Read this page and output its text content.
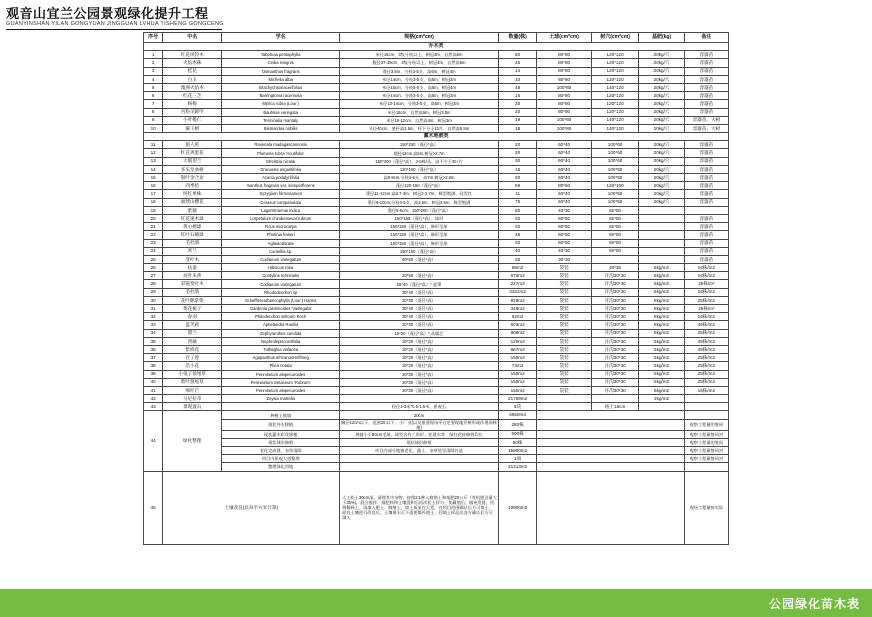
观音山宜兰公园景观绿化提升工程
GUANYINSHAN YILAN GONGYUAN JINGGUAN LVHUA TISHENG GONGCENG
序号	中名	学名	规格(cm*cm)	数量(株)	土球(cm*cm)	树穴(cm*cm)	基肥(kg)	备注
乔木类								
1	红花风铃木	Tabebuia pentaphylla	米径15cm、3级分枝以上、树冠3m、自然高6m	80	80*80	120*120	20kg/穴	容器苗
2	火焰木株	Ceiba insignis	腹径37-39cm、3级分枝以上、树冠4m、自然高6m	25	80*80	120*120	20kg/穴	容器苗
3	桂花	Osmanthus fragrans	蓬径3.5m、分枝3-5支、高6m、树冠4m	14	80*80	120*120	20kg/穴	容器苗
4	白玉	Michelia alba	米径14cm、分枝3-5支、高5m、树冠3m	10	80*80	120*120	20kg/穴	容器苗
5	澳洲火焰木	Brachychitonacerifolius	米径15cm、分枝5-6支、高5m、树冠4m	48	100*80	140*120	20kg/穴	容器苗
6	红花三芝	Barringtonia racemosa	米径14cm、分枝3-5支、高5m、树冠3m	15	80*80	120*120	20kg/穴	容器苗
7	杨梅	Myrica rubra (Lour.)	米径13-14cm、分枝3-5支、高5m、树冠3m	30	80*80	120*120	20kg/穴	容器苗
8	宫粉羊蹄甲	Bauhinia variegata	米径15cm、自然高5m、树冠3.5m	20	80*80	120*120	20kg/穴	容器苗
9	小叶榄仁	Terminalia mantaly	米径10-12cm、自然高4m、树冠3m	19	100*80	140*120	20kg/穴	容器苗、大树
10	蕨王榕	Bismarckia nobilis	头径40cm、茎杆高2.5m、杆下分干10片、自然高5.5m	15	100*80	140*120	20kg/穴	容器苗、大树
灌木地被类								
11	旅人蕉	Ravenala madagascariensis	150*250（蓬径*高）	30	60*40	100*60	20kg/穴	容器苗
12	红花鸡蛋花	Plumeria rubra 'Acutifolia'	地径12cm,高5m,树冠>2.7m	30	60*40	100*60	20kg/穴	容器苗
13	大鹤望兰	Strelitzia nicolai	150*200（蓬径*高）、3-5株/丛、高不少于3叶片	30	60*40	100*60	20kg/穴	容器苗
14	多头龙血树	Dracaena angustifolia	120*150（蓬径*高）	15	60*40	100*60	20kg/穴	容器苗
15	银叶金合欢	Acacia podalyriifolia	高8-9cm,分枝4-5支、高7m,树冠>2.2m	30	60*40	100*60	20kg/穴	容器苗
16	四季桔	manthus fragrans var. semperflorens	蓬径120-150（蓬径*高）	58	80*60	120*100	20kg/穴	容器苗
17	纯红单株	Syzygium formosanum	墨径11-12cm,高2.7-3m、树冠2-2.7m、株型饱满、同发红	11	60*40	100*60	20kg/穴	容器苗
18	福建山樱花	Cerasus campanulata	墨径9-10cm,分枝4-5支、高3.5m、树冠2.5m、株型饱满	75	60*40	100*60	20kg/穴	容器苗
19	紫薇	Lagerstroemia indica	墨径5-6cm、150*200（蓬径*高）	50	40*30	60*50		
20	红花速木球	Lorpetalum chindensevar.rubrum	150*150（蓬径*高）、球形	30	60*50	60*50		容器苗
21	黄心榕球	Ficus microcarpa	150*150（蓬径*高）、修形至球	30	60*50	60*50		容器苗
22	红叶石楠球	Photinia fraseri	150*150（蓬径*高）、修形至球	26	60*50	60*50		容器苗
23	毛杜鹃	Aglaiaodorata	100*150（蓬径*高）、修形至球	30	60*50	60*50		容器苗
24	米兰	Camellia sp.	150*150（蓬径*高）	40	40*30	60*50		容器苗
25	变叶木	Codiaeum variegatum	60*80（蓬径*高）	30	30*30			容器苗
26	扶桑	Hibiscus rosa		86m2	袋装	40*30	5kg/m2	16株/m2
27	亮叶朱蕉	Cordyline terminalis	20*50（蓬径*高）	676m2	袋装	开沟30*30	5kg/m2	16株/m2
28	彩霞变叶木	Codiaeum variegatum	25*40（蓬径*高）* 盆罩	227m2	袋装	开沟30*30	5kg/m2	25株/m²
29	毛杜鹃	Rhododendron sp	30*40（蓬径*高）	3331m2	袋装	开沟30*30	5kg/m2	16株/m2
30	花叶鹅掌柴	Schefflerearboricophylla (Lour.) Harms	20*30（蓬径*高）	929m2	袋装	开沟30*30	5kg/m2	25株/m2
31	黄花栀子	Gardenia jasminoides 'Vaslegata'	30*40（蓬径*高）	348m2	袋装	开沟30*30	5kg/m2	25株/m²
32	春羽	Philodendron selloum Koch	30*40（蓬径*高）	62m2	袋装	开沟30*30	5kg/m2	16株/m2
33	蓝芙莉	Aphelandra Ruellia	20*30（蓬径*高）	603m2	袋装	开沟30*30	5kg/m2	49株/m2
34	黛兰	Zephyranthes candida	15*20（蓬径*高）*,从属芯	808m2	袋装	开沟30*30	5kg/m2	25株/m2
35	肾蕨	Nephrolepiscordifolia	20*30（蓬径*高）	120m2	袋装	开沟30*30	5kg/m2	49株/m2
36	紫娇花	Tulbaghia violacea	20*20（蓬径*高）	967m2	袋装	开沟30*30	5kg/m2	49株/m2
37	百子莲	Agapanthus africanusHoffmeg	20*30（蓬径*高）	150m2	袋装	开沟30*30	5kg/m2	25株/m2
38	沿小花	Pilea notata	20*30（蓬径*高）	74m2	袋装	开沟30*30	5kg/m2	25株/m2
39	小兔子狼尾草	Pennisetum alopecuroides	20*30（蓬径*高）	150m2	袋装	开沟30*30	5kg/m2	25株/m2
40	紫叶狼尾草	Pennisetum Setaceum 'Rubrum'	20*30（蓬径*高）	150m2	袋装	开沟30*30	5kg/m2	25株/m2
41	细叶芒	Pennisetum alopecuroides	20*30（蓬径*高）	150m2	袋装	开沟30*30	5kg/m2	16株/m2
42	马尼拉草	Zoysia matrella		21769m2			2kg/m2	
43	景现置石		粒径1-3米*0.5-1.5米、景观石	5块		裕土15cm		
44	绿化整理	种植土换填	20cm	6650m3				
		现状外水移植	胸径12cm以下、范围2m以下、小厂业(以及重要现场平台定要现地乔树形或作现场移植)	280株				观察工程量的签同
		现状灌木彩花移植	规辅小于80cm毛球、球型含有三角形、花建水等、绿打花按修剪均长	600株				观察工程量签同对
		现状球形修剪	现状球形修剪	50株				观察工程量的签同
		老化完成建、杂草清除	项目内部分地被老化、露土、杂草处竖清除补选	15900m2				观察工程量签同对
		项目内景观大道整理		1项				观察工程量签同对
		整理绿化用地		31213m2				
45	土壤改良(以每平方米计算)		人工松土30cm深、清理其中杂物、按照2:1种入腐殖土和基肥20公斤（有机肥含量大于35%)，混合搅拌、排肥料和土壤混和后再次松土拌匀、灰藏殖后、做充发排、回调稀释土、再填入肥土、腐殖土、如土质灰在大差，在项目范围确认后方可换土、原有土壤进行改良后，土壤保水可下需要填补埴土、回填土样品送各方确认后方可填入	10900m2				观场工程量按实际
公园绿化苗木表
